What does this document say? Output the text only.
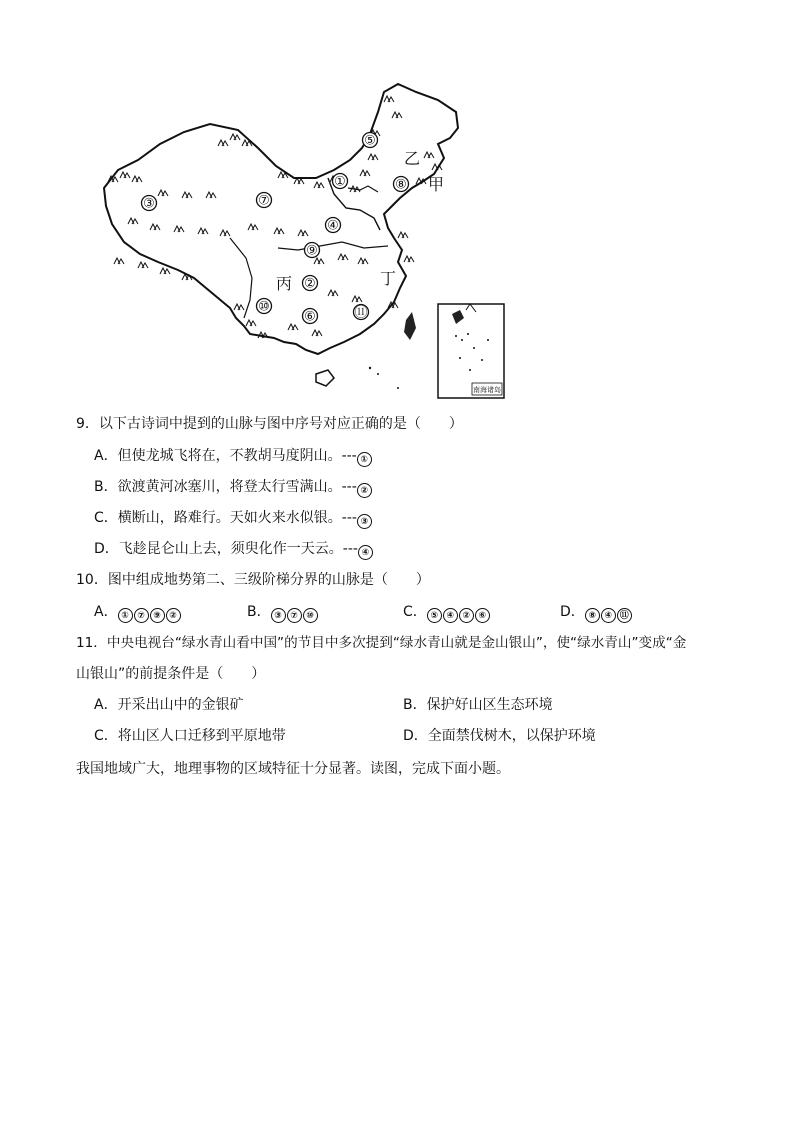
①
②
③
④
⑤
⑥
⑦
⑧
⑨
⑩	⑪
乙
甲
丙	丁
南海诸岛
9．以下古诗词中提到的山脉与图中序号对应正确的是（　　）
A．但使龙城飞将在，不教胡马度阴山。--- ①
B．欲渡黄河冰塞川，将登太行雪满山。--- ②
C．横断山，路难行。天如火来水似银。--- ③
D．飞趁昆仑山上去，须臾化作一天云。--- ④
10．图中组成地势第二、三级阶梯分界的山脉是（　　）
A． ① ⑦ ⑨ ②	B． ③ ⑦ ⑩	C． ⑤ ④ ② ⑥	D． ⑧ ④ ⑪
11．中央电视台“绿水青山看中国”的节目中多次提到“绿水青山就是金山银山”，使“绿水青山”变成“金
山银山”的前提条件是（　　）
A．开采出山中的金银矿	B．保护好山区生态环境
C．将山区人口迁移到平原地带	D．全面禁伐树木，以保护环境
我国地域广大，地理事物的区域特征十分显著。读图，完成下面小题。
